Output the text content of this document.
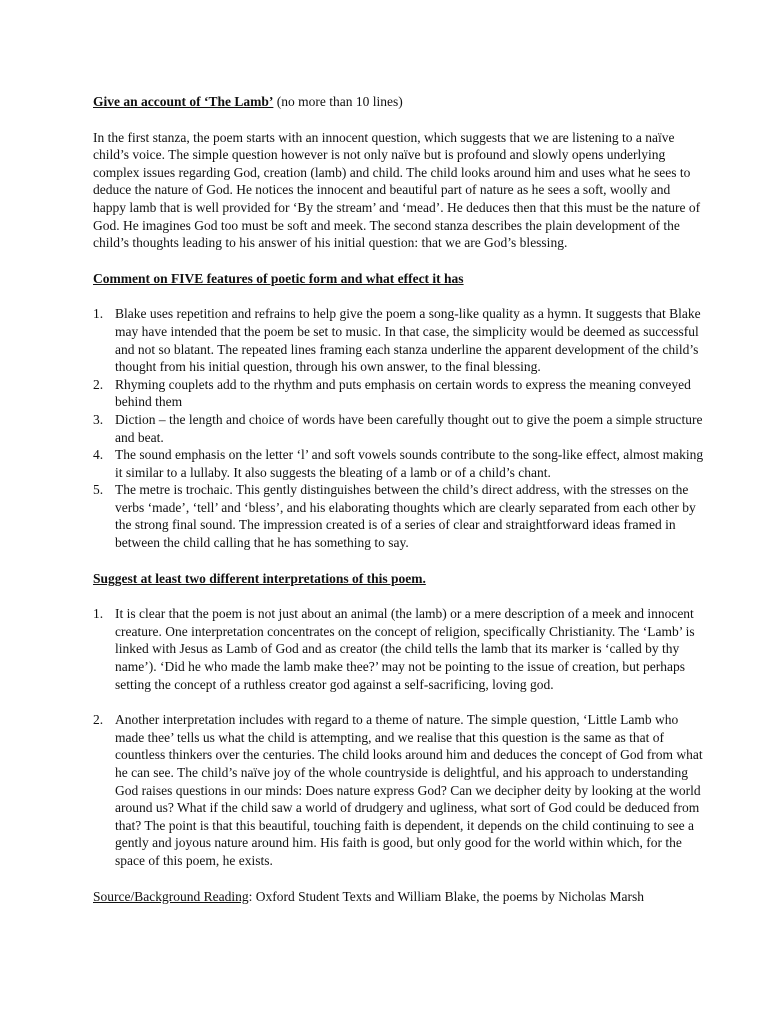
Give an account of ‘The Lamb’ (no more than 10 lines)

In the first stanza, the poem starts with an innocent question, which suggests that we are listening to a naïve child’s voice. The simple question however is not only naïve but is profound and slowly opens underlying complex issues regarding God, creation (lamb) and child. The child looks around him and uses what he sees to deduce the nature of God. He notices the innocent and beautiful part of nature as he sees a soft, woolly and happy lamb that is well provided for ‘By the stream’ and ‘mead’. He deduces then that this must be the nature of God. He imagines God too must be soft and meek. The second stanza describes the plain development of the child’s thoughts leading to his answer of his initial question: that we are God’s blessing.

Comment on FIVE features of poetic form and what effect it has

1. Blake uses repetition and refrains to help give the poem a song-like quality as a hymn. It suggests that Blake may have intended that the poem be set to music. In that case, the simplicity would be deemed as successful and not so blatant. The repeated lines framing each stanza underline the apparent development of the child’s thought from his initial question, through his own answer, to the final blessing.
2. Rhyming couplets add to the rhythm and puts emphasis on certain words to express the meaning conveyed behind them
3. Diction – the length and choice of words have been carefully thought out to give the poem a simple structure and beat.
4. The sound emphasis on the letter ‘l’ and soft vowels sounds contribute to the song-like effect, almost making it similar to a lullaby. It also suggests the bleating of a lamb or of a child’s chant.
5. The metre is trochaic. This gently distinguishes between the child’s direct address, with the stresses on the verbs ‘made’, ‘tell’ and ‘bless’, and his elaborating thoughts which are clearly separated from each other by the strong final sound. The impression created is of a series of clear and straightforward ideas framed in between the child calling that he has something to say.

Suggest at least two different interpretations of this poem.

1. It is clear that the poem is not just about an animal (the lamb) or a mere description of a meek and innocent creature. One interpretation concentrates on the concept of religion, specifically Christianity. The ‘Lamb’ is linked with Jesus as Lamb of God and as creator (the child tells the lamb that its marker is ‘called by thy name’). ‘Did he who made the lamb make thee?’ may not be pointing to the issue of creation, but perhaps setting the concept of a ruthless creator god against a self-sacrificing, loving god.
2. Another interpretation includes with regard to a theme of nature. The simple question, ‘Little Lamb who made thee’ tells us what the child is attempting, and we realise that this question is the same as that of countless thinkers over the centuries. The child looks around him and deduces the concept of God from what he can see. The child’s naïve joy of the whole countryside is delightful, and his approach to understanding God raises questions in our minds: Does nature express God? Can we decipher deity by looking at the world around us? What if the child saw a world of drudgery and ugliness, what sort of God could be deduced from that? The point is that this beautiful, touching faith is dependent, it depends on the child continuing to see a gently and joyous nature around him. His faith is good, but only good for the world within which, for the space of this poem, he exists.

Source/Background Reading: Oxford Student Texts and William Blake, the poems by Nicholas Marsh
